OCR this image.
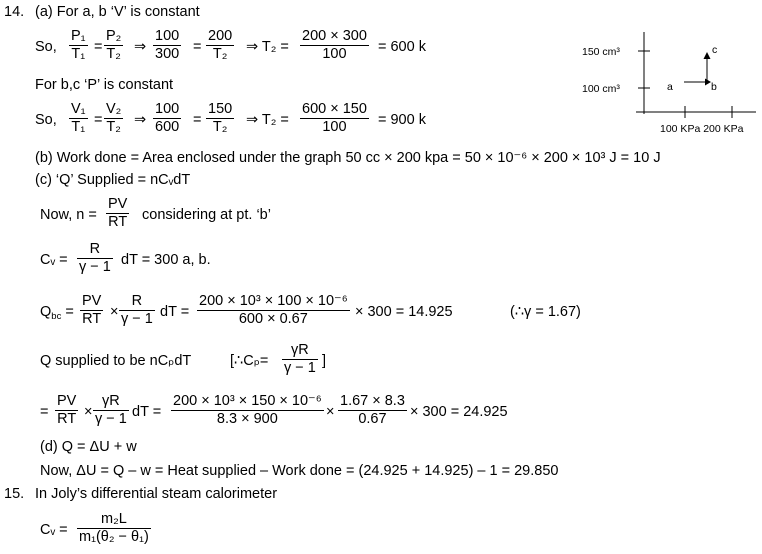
14. (a) For a, b ‘V’ is constant
So,
P₁
T₁ =
P₂
T₂ ⇒
100
300 =
200
T₂	⇒ T₂ =
200 × 300
100	= 600 k
For b,c ‘P’ is constant
So,
V₁
T₁ =
V₂
T₂ ⇒
100
600 =
150
T₂	⇒ T₂ =
600 × 150
100	= 900 k
150 cm³
100 cm³
100 KPa 200 KPa
a	b
c
(b) Work done = Area enclosed under the graph 50 cc × 200 kpa = 50 × 10⁻⁶ × 200 × 10³ J = 10 J
(c) ‘Q’ Supplied = nCᵥdT
Now, n =
PV
RT considering at pt. ‘b’
Cᵥ =
R
γ − 1 dT = 300 a, b.
$Q_{bc}$ =
PV
RT ×
R
γ − 1 dT =
200 × 10³ × 100 × 10⁻⁶
600 × 0.67	× 300 = 14.925	(∴γ = 1.67)
Q supplied to be nCₚdT	[∴Cₚ=
γR
γ − 1 ]
=
PV
RT ×
γR
γ − 1 dT =
200 × 10³ × 150 × 10⁻⁶
8.3 × 900	×
1.67 × 8.3
0.67	× 300 = 24.925
(d) Q = ΔU + w
Now, ΔU = Q – w = Heat supplied – Work done = (24.925 + 14.925) – 1 = 29.850
15. In Joly’s differential steam calorimeter
Cᵥ =
m₂L
m₁(θ₂ − θ₁)
